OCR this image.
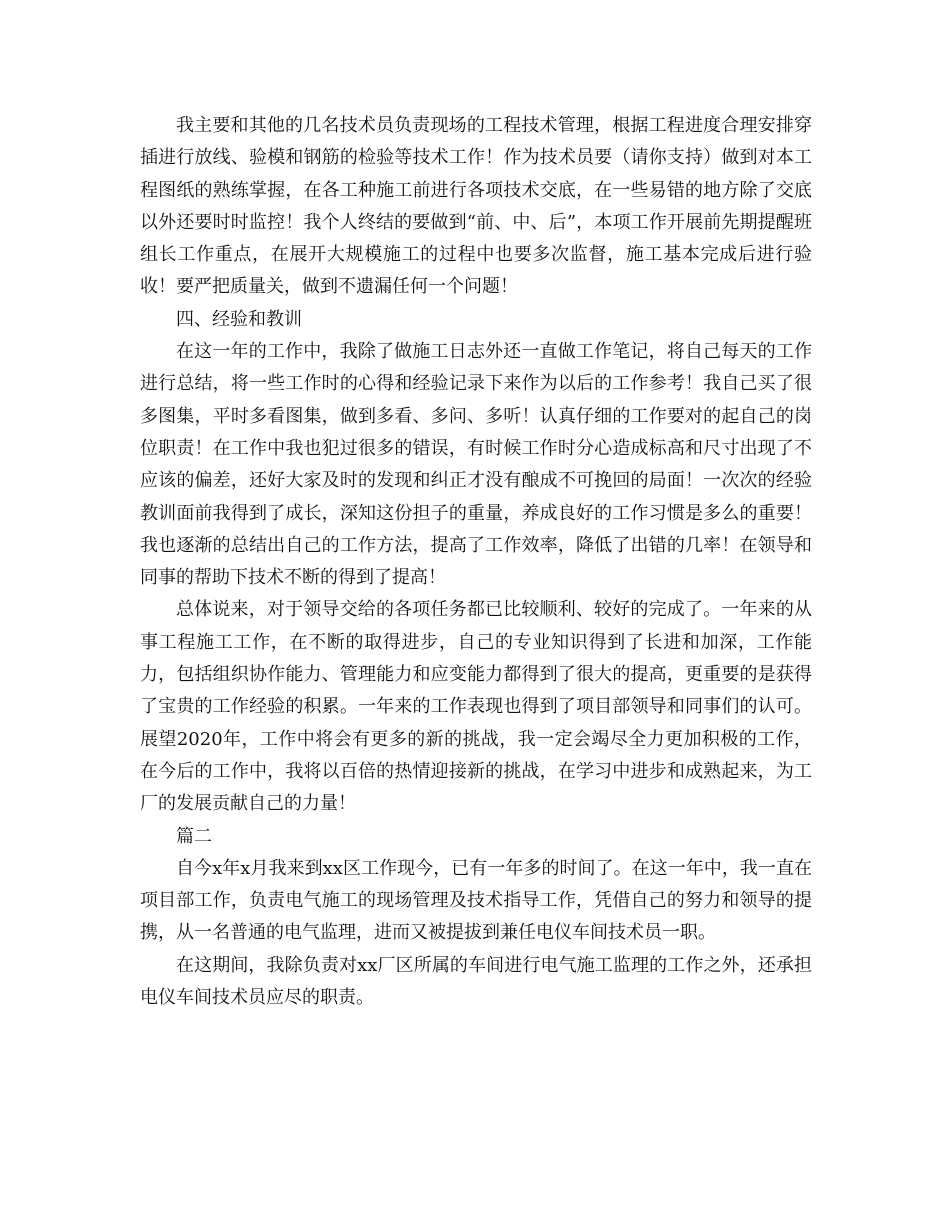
我主要和其他的几名技术员负责现场的工程技术管理，根据工程进度合理安排穿插进行放线、验模和钢筋的检验等技术工作！作为技术员要（请你支持）做到对本工程图纸的熟练掌握，在各工种施工前进行各项技术交底，在一些易错的地方除了交底以外还要时时监控！我个人终结的要做到“前、中、后”，本项工作开展前先期提醒班组长工作重点，在展开大规模施工的过程中也要多次监督，施工基本完成后进行验收！要严把质量关，做到不遗漏任何一个问题！

四、经验和教训

在这一年的工作中，我除了做施工日志外还一直做工作笔记，将自己每天的工作进行总结，将一些工作时的心得和经验记录下来作为以后的工作参考！我自己买了很多图集，平时多看图集，做到多看、多问、多听！认真仔细的工作要对的起自己的岗位职责！在工作中我也犯过很多的错误，有时候工作时分心造成标高和尺寸出现了不应该的偏差，还好大家及时的发现和纠正才没有酿成不可挽回的局面！一次次的经验教训面前我得到了成长，深知这份担子的重量，养成良好的工作习惯是多么的重要！我也逐渐的总结出自己的工作方法，提高了工作效率，降低了出错的几率！在领导和同事的帮助下技术不断的得到了提高！

总体说来，对于领导交给的各项任务都已比较顺利、较好的完成了。一年来的从事工程施工工作，在不断的取得进步，自己的专业知识得到了长进和加深，工作能力，包括组织协作能力、管理能力和应变能力都得到了很大的提高，更重要的是获得了宝贵的工作经验的积累。一年来的工作表现也得到了项目部领导和同事们的认可。展望2020年，工作中将会有更多的新的挑战，我一定会竭尽全力更加积极的工作，在今后的工作中，我将以百倍的热情迎接新的挑战，在学习中进步和成熟起来，为工厂的发展贡献自己的力量！

篇二

自今x年x月我来到xx区工作现今，已有一年多的时间了。在这一年中，我一直在项目部工作，负责电气施工的现场管理及技术指导工作，凭借自己的努力和领导的提携，从一名普通的电气监理，进而又被提拔到兼任电仪车间技术员一职。

在这期间，我除负责对xx厂区所属的车间进行电气施工监理的工作之外，还承担电仪车间技术员应尽的职责。
